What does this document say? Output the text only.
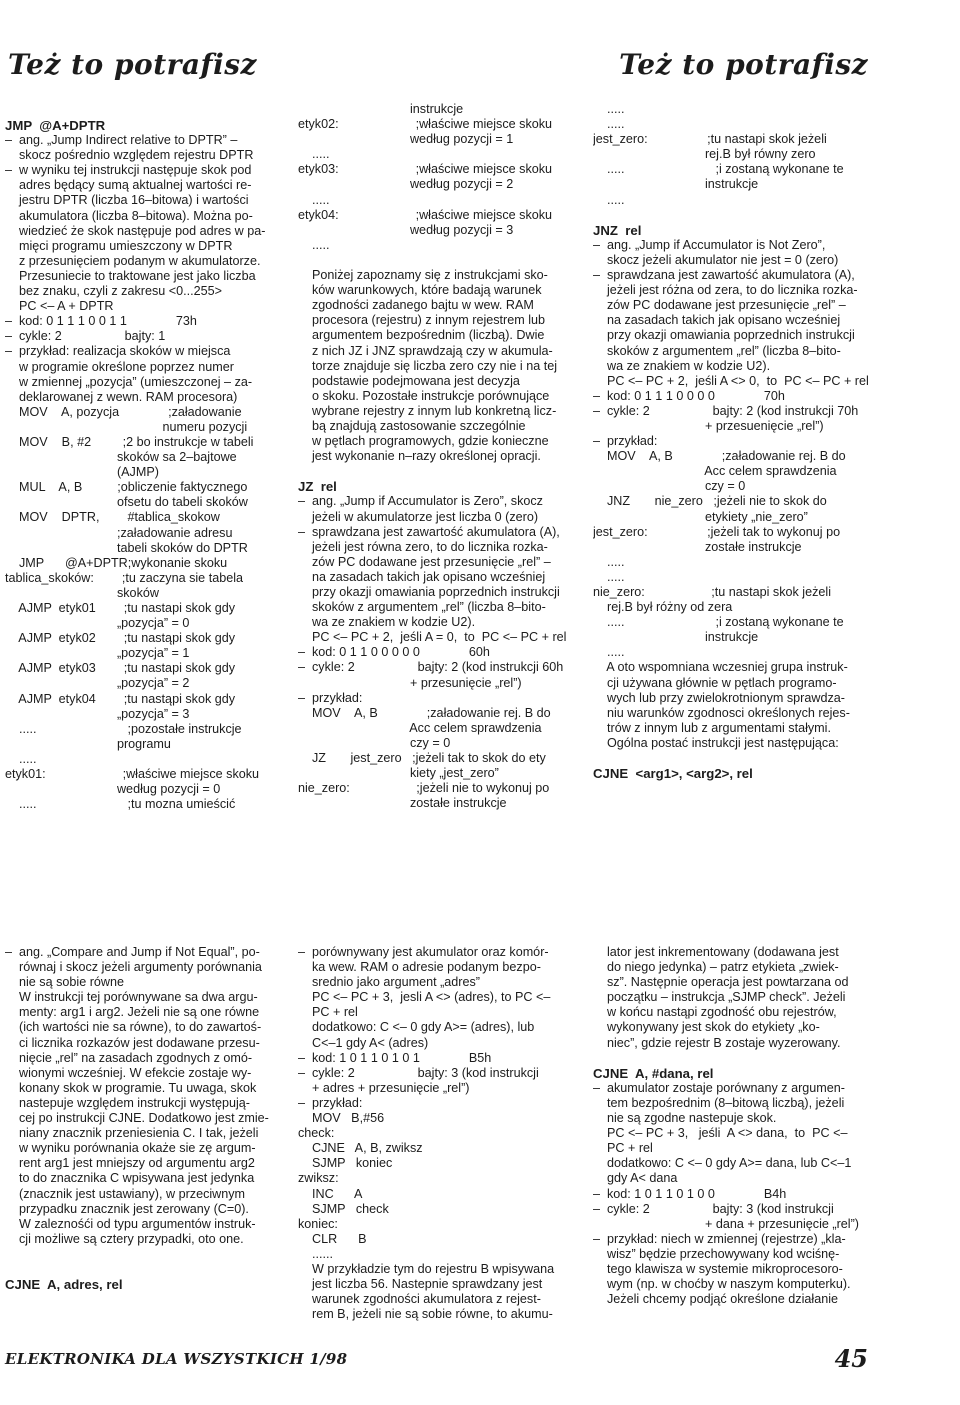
Też to potrafisz	Też to potrafisz
JMP  @A+DPTR
–  ang. „Jump Indirect relative to DPTR” –
skocz pośrednio względem rejestru DPTR
–  w wyniku tej instrukcji następuje skok pod
adres będący sumą aktualnej wartości re-
jestru DPTR (liczba 16–bitowa) i wartości
akumulatora (liczba 8–bitowa). Można po-
wiedzieć że skok następuje pod adres w pa-
mięci programu umieszczony w DPTR
z przesunięciem podanym w akumulatorze.
Przesuniecie to traktowane jest jako liczba
bez znaku, czyli z zakresu <0...255>
PC <– A + DPTR
–  kod: 0 1 1 1 0 0 1 1              73h
–  cykle: 2                  bajty: 1
–  przykład: realizacja skoków w miejsca
w programie określone poprzez numer
w zmiennej „pozycja” (umieszczonej – za-
deklarowanej z wewn. RAM procesora)
MOV    A, pozycja              ;załadowanie
numeru pozycji
MOV    B, #2         ;2 bo instrukcje w tabeli
skoków sa 2–bajtowe
(AJMP)
MUL    A, B          ;obliczenie faktycznego
ofsetu do tabeli skoków
MOV    DPTR,        #tablica_skokow
;załadowanie adresu
tabeli skoków do DPTR
JMP      @A+DPTR;wykonanie skoku
tablica_skoków:        ;tu zaczyna sie tabela
skoków
AJMP  etyk01        ;tu nastapi skok gdy
„pozycja” = 0
AJMP  etyk02        ;tu nastąpi skok gdy
„pozycja” = 1
AJMP  etyk03        ;tu nastapi skok gdy
„pozycja” = 2
AJMP  etyk04        ;tu nastąpi skok gdy
„pozycja” = 3
.....                          ;pozostałe instrukcje
programu
.....
etyk01:                      ;właściwe miejsce skoku
według pozycji = 0
.....                          ;tu mozna umieścić
instrukcje
etyk02:                      ;właściwe miejsce skoku
według pozycji = 1
.....
etyk03:                      ;właściwe miejsce skoku
według pozycji = 2
.....
etyk04:                      ;właściwe miejsce skoku
według pozycji = 3
.....
Poniżej zapoznamy się z instrukcjami sko-
ków warunkowych, które badają warunek
zgodności zadanego bajtu w wew. RAM
procesora (rejestru) z innym rejestrem lub
argumentem bezpośrednim (liczbą). Dwie
z nich JZ i JNZ sprawdzają czy w akumula-
torze znajduje się liczba zero czy nie i na tej
podstawie podejmowana jest decyzja
o skoku. Pozostałe instrukcje porównujące
wybrane rejestry z innym lub konkretną licz-
bą znajdują zastosowanie szczególnie
w pętlach programowych, gdzie konieczne
jest wykonanie n–razy określonej opracji.
JZ  rel
–  ang. „Jump if Accumulator is Zero”, skocz
jeżeli w akumulatorze jest liczba 0 (zero)
–  sprawdzana jest zawartość akumulatora (A),
jeżeli jest równa zero, to do licznika rozka-
zów PC dodawane jest przesunięcie „rel” –
na zasadach takich jak opisano wcześniej
przy okazji omawiania poprzednich instrukcji
skoków z argumentem „rel” (liczba 8–bito-
wa ze znakiem w kodzie U2).
PC <– PC + 2,  jeśli A = 0,  to  PC <– PC + rel
–  kod: 0 1 1 0 0 0 0 0              60h
–  cykle: 2                  bajty: 2 (kod instrukcji 60h
+ przesunięcie „rel”)
–  przykład:
MOV    A, B              ;załadowanie rej. B do
Acc celem sprawdzenia
czy = 0
JZ       jest_zero   ;jeżeli tak to skok do ety
kiety „jest_zero”
nie_zero:                   ;jeżeli nie to wykonuj po
zostałe instrukcje
.....
.....
jest_zero:                 ;tu nastapi skok jeżeli
rej.B był równy zero
.....                          ;i zostaną wykonane te
instrukcje
.....
JNZ  rel
–  ang. „Jump if Accumulator is Not Zero”,
skocz jeżeli akumulator nie jest = 0 (zero)
–  sprawdzana jest zawartość akumulatora (A),
jeżeli jest różna od zera, to do licznika rozka-
zów PC dodawane jest przesunięcie „rel” –
na zasadach takich jak opisano wcześniej
przy okazji omawiania poprzednich instrukcji
skoków z argumentem „rel” (liczba 8–bito-
wa ze znakiem w kodzie U2).
PC <– PC + 2,  jeśli A <> 0,  to  PC <– PC + rel
–  kod: 0 1 1 1 0 0 0 0              70h
–  cykle: 2                  bajty: 2 (kod instrukcji 70h
+ przesuenięcie „rel”)
–  przykład:
MOV    A, B              ;załadowanie rej. B do
Acc celem sprawdzenia
czy = 0
JNZ       nie_zero   ;jeżeli nie to skok do
etykiety „nie_zero”
jest_zero:                 ;jeżeli tak to wykonuj po
zostałe instrukcje
.....
.....
nie_zero:                   ;tu nastapi skok jeżeli
rej.B był różny od zera
.....                          ;i zostaną wykonane te
instrukcje
.....
A oto wspomniana wczesniej grupa instruk-
cji używana głównie w pętlach programo-
wych lub przy zwielokrotnionym sprawdza-
niu warunków zgodnosci określonych rejes-
trów z innym lub z argumentami stałymi.
Ogólna postać instrukcji jest następująca:
CJNE  <arg1>, <arg2>, rel
–  ang. „Compare and Jump if Not Equal”, po-
równaj i skocz jeżeli argumenty porównania
nie są sobie równe
W instrukcji tej porównywane sa dwa argu-
menty: arg1 i arg2. Jeżeli nie są one równe
(ich wartości nie sa równe), to do zawartoś-
ci licznika rozkazów jest dodawane przesu-
nięcie „rel” na zasadach zgodnych z omó-
wionymi wcześniej. W efekcie zostaje wy-
konany skok w programie. Tu uwaga, skok
nastepuje względem instrukcji występują-
cej po instrukcji CJNE. Dodatkowo jest zmie-
niany znacznik przeniesienia C. I tak, jeżeli
w wyniku porównania okaże sie zę argum-
rent arg1 jest mniejszy od argumentu arg2
to do znacznika C wpisywana jest jedynka
(znacznik jest ustawiany), w przeciwnym
przypadku znacznik jest zerowany (C=0).
W zaleznośći od typu argumentów instruk-
cji możliwe są cztery przypadki, oto one.
CJNE  A, adres, rel
–  porównywany jest akumulator oraz komór-
ka wew. RAM o adresie podanym bezpo-
srednio jako argument „adres”
PC <– PC + 3,  jesli A <> (adres), to PC <–
PC + rel
dodatkowo: C <– 0 gdy A>= (adres), lub
C<–1 gdy A< (adres)
–  kod: 1 0 1 1 0 1 0 1              B5h
–  cykle: 2                  bajty: 3 (kod instrukcji
+ adres + przesunięcie „rel”)
–  przykład:
MOV   B,#56
check:
CJNE   A, B, zwiksz
SJMP   koniec
zwiksz:
INC      A
SJMP   check
koniec:
CLR      B
......
W przykładzie tym do rejestru B wpisywana
jest liczba 56. Nastepnie sprawdzany jest
warunek zgodności akumulatora z rejest-
rem B, jeżeli nie są sobie równe, to akumu-
lator jest inkrementowany (dodawana jest
do niego jedynka) – patrz etykieta „zwiek-
sz”. Następnie operacja jest powtarzana od
początku – instrukcja „SJMP check”. Jeżeli
w końcu nastąpi zgodność obu rejestrów,
wykonywany jest skok do etykiety „ko-
niec”, gdzie rejestr B zostaje wyzerowany.
CJNE  A, #dana, rel
–  akumulator zostaje porównany z argumen-
tem bezpośrednim (8–bitową liczbą), jeżeli
nie są zgodne nastepuje skok.
PC <– PC + 3,   jeśli  A <> dana,  to  PC <–
PC + rel
dodatkowo: C <– 0 gdy A>= dana, lub C<–1
gdy A< dana
–  kod: 1 0 1 1 0 1 0 0              B4h
–  cykle: 2                  bajty: 3 (kod instrukcji
+ dana + przesunięcie „rel”)
–  przykład: niech w zmiennej (rejestrze) „kla-
wisz” będzie przechowywany kod wciśnę-
tego klawisza w systemie mikroprocesoro-
wym (np. w choćby w naszym komputerku).
Jeżeli chcemy podjąć określone działanie
ELEKTRONIKA DLA WSZYSTKICH 1/98	45
